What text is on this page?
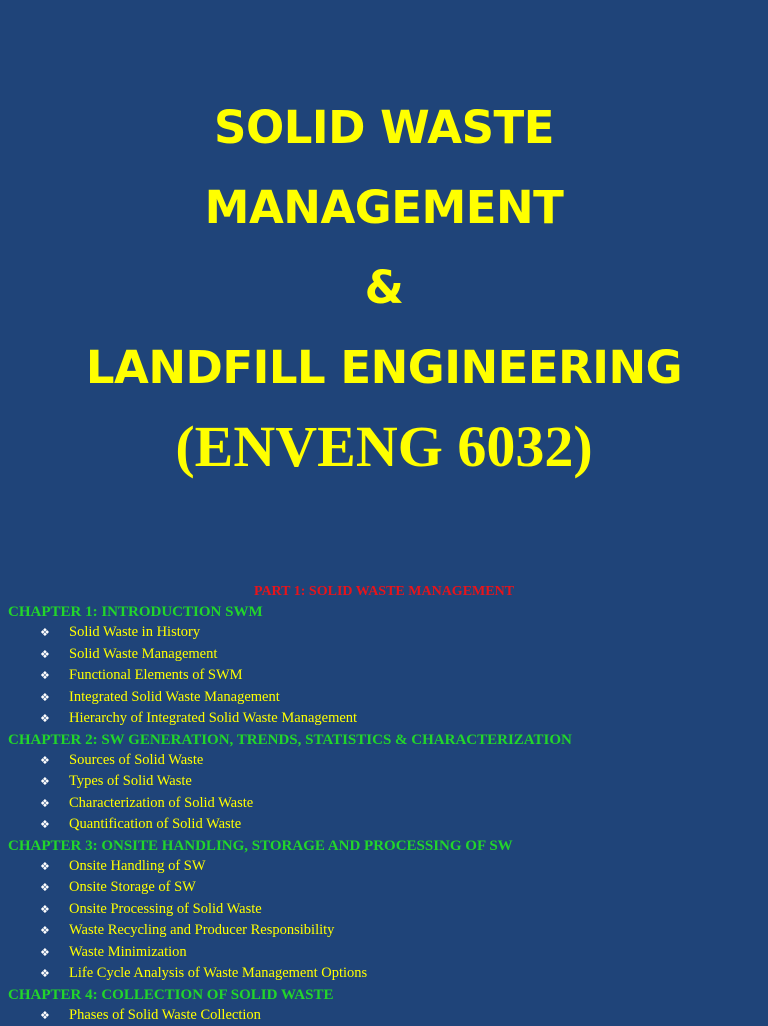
SOLID WASTE
MANAGEMENT
&
LANDFILL ENGINEERING
(ENVENG 6032)
PART 1: SOLID WASTE MANAGEMENT
CHAPTER 1: INTRODUCTION SWM
❖	Solid Waste in History
❖	Solid Waste Management
❖	Functional Elements of SWM
❖	Integrated Solid Waste Management
❖	Hierarchy of Integrated Solid Waste Management
CHAPTER 2: SW GENERATION, TRENDS, STATISTICS & CHARACTERIZATION
❖	Sources of Solid Waste
❖	Types of Solid Waste
❖	Characterization of Solid Waste
❖	Quantification of Solid Waste
CHAPTER 3: ONSITE HANDLING, STORAGE AND PROCESSING OF SW
❖	Onsite Handling of SW
❖	Onsite Storage of SW
❖	Onsite Processing of Solid Waste
❖	Waste Recycling and Producer Responsibility
❖	Waste Minimization
❖	Life Cycle Analysis of Waste Management Options
CHAPTER 4: COLLECTION OF SOLID WASTE
❖	Phases of Solid Waste Collection
